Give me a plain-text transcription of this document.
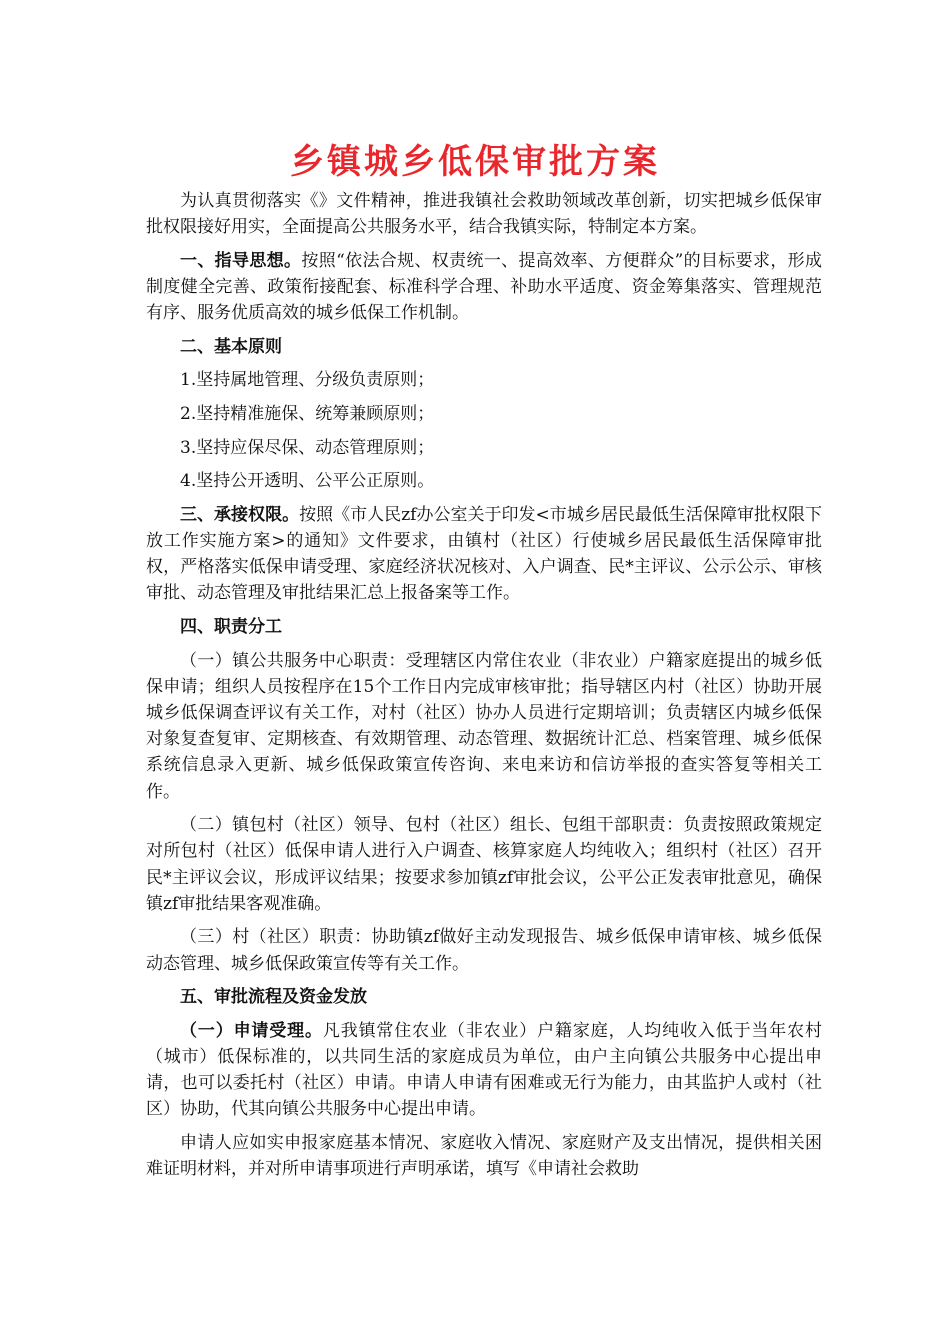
乡镇城乡低保审批方案

为认真贯彻落实《》文件精神，推进我镇社会救助领域改革创新，切实把城乡低保审批权限接好用实，全面提高公共服务水平，结合我镇实际，特制定本方案。

一、指导思想。按照“依法合规、权责统一、提高效率、方便群众”的目标要求，形成制度健全完善、政策衔接配套、标准科学合理、补助水平适度、资金筹集落实、管理规范有序、服务优质高效的城乡低保工作机制。

二、基本原则

1.坚持属地管理、分级负责原则；

2.坚持精准施保、统筹兼顾原则；

3.坚持应保尽保、动态管理原则；

4.坚持公开透明、公平公正原则。

三、承接权限。按照《市人民zf办公室关于印发<市城乡居民最低生活保障审批权限下放工作实施方案>的通知》文件要求，由镇村（社区）行使城乡居民最低生活保障审批权，严格落实低保申请受理、家庭经济状况核对、入户调查、民*主评议、公示公示、审核审批、动态管理及审批结果汇总上报备案等工作。

四、职责分工

（一）镇公共服务中心职责：受理辖区内常住农业（非农业）户籍家庭提出的城乡低保申请；组织人员按程序在15个工作日内完成审核审批；指导辖区内村（社区）协助开展城乡低保调查评议有关工作，对村（社区）协办人员进行定期培训；负责辖区内城乡低保对象复查复审、定期核查、有效期管理、动态管理、数据统计汇总、档案管理、城乡低保系统信息录入更新、城乡低保政策宣传咨询、来电来访和信访举报的查实答复等相关工作。

（二）镇包村（社区）领导、包村（社区）组长、包组干部职责：负责按照政策规定对所包村（社区）低保申请人进行入户调查、核算家庭人均纯收入；组织村（社区）召开民*主评议会议，形成评议结果；按要求参加镇zf审批会议，公平公正发表审批意见，确保镇zf审批结果客观准确。

（三）村（社区）职责：协助镇zf做好主动发现报告、城乡低保申请审核、城乡低保动态管理、城乡低保政策宣传等有关工作。

五、审批流程及资金发放

（一）申请受理。凡我镇常住农业（非农业）户籍家庭，人均纯收入低于当年农村（城市）低保标准的，以共同生活的家庭成员为单位，由户主向镇公共服务中心提出申请，也可以委托村（社区）申请。申请人申请有困难或无行为能力，由其监护人或村（社区）协助，代其向镇公共服务中心提出申请。

申请人应如实申报家庭基本情况、家庭收入情况、家庭财产及支出情况，提供相关困难证明材料，并对所申请事项进行声明承诺，填写《申请社会救助
